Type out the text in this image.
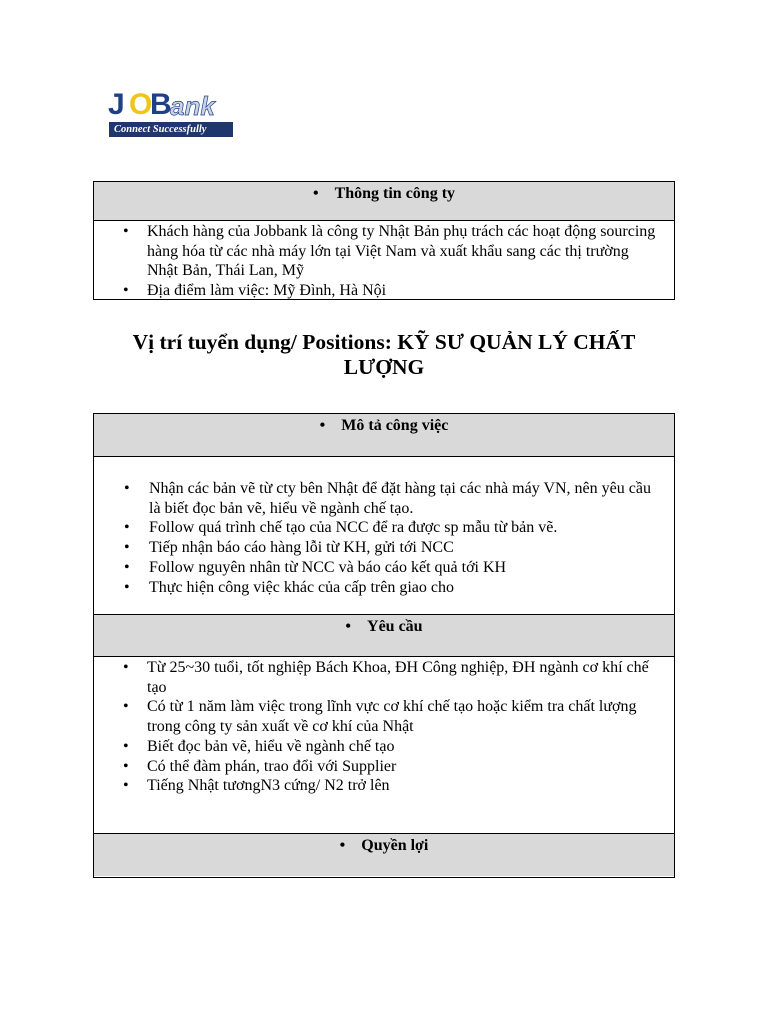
J O
B
ank
Connect Successfully
• Thông tin công ty
• Khách hàng của Jobbank là công ty Nhật Bản phụ trách các hoạt động sourcing hàng hóa từ các nhà máy lớn tại Việt Nam và xuất khẩu sang các thị trường Nhật Bản, Thái Lan, Mỹ
• Địa điểm làm việc: Mỹ Đình, Hà Nội
Vị trí tuyển dụng/ Positions: KỸ SƯ QUẢN LÝ CHẤT LƯỢNG
• Mô tả công việc
• Nhận các bản vẽ từ cty bên Nhật để đặt hàng tại các nhà máy VN, nên yêu cầu là biết đọc bản vẽ, hiểu về ngành chế tạo.
• Follow quá trình chế tạo của NCC để ra được sp mẫu từ bản vẽ.
• Tiếp nhận báo cáo hàng lỗi từ KH, gửi tới NCC
• Follow nguyên nhân từ NCC và báo cáo kết quả tới KH
• Thực hiện công việc khác của cấp trên giao cho
• Yêu cầu
• Từ 25~30 tuổi, tốt nghiệp Bách Khoa, ĐH Công nghiệp, ĐH ngành cơ khí chế tạo
• Có từ 1 năm làm việc trong lĩnh vực cơ khí chế tạo hoặc kiểm tra chất lượng trong công ty sản xuất về cơ khí của Nhật
• Biết đọc bản vẽ, hiểu về ngành chế tạo
• Có thể đàm phán, trao đổi với Supplier
• Tiếng Nhật tươngN3 cứng/ N2 trở lên
• Quyền lợi
